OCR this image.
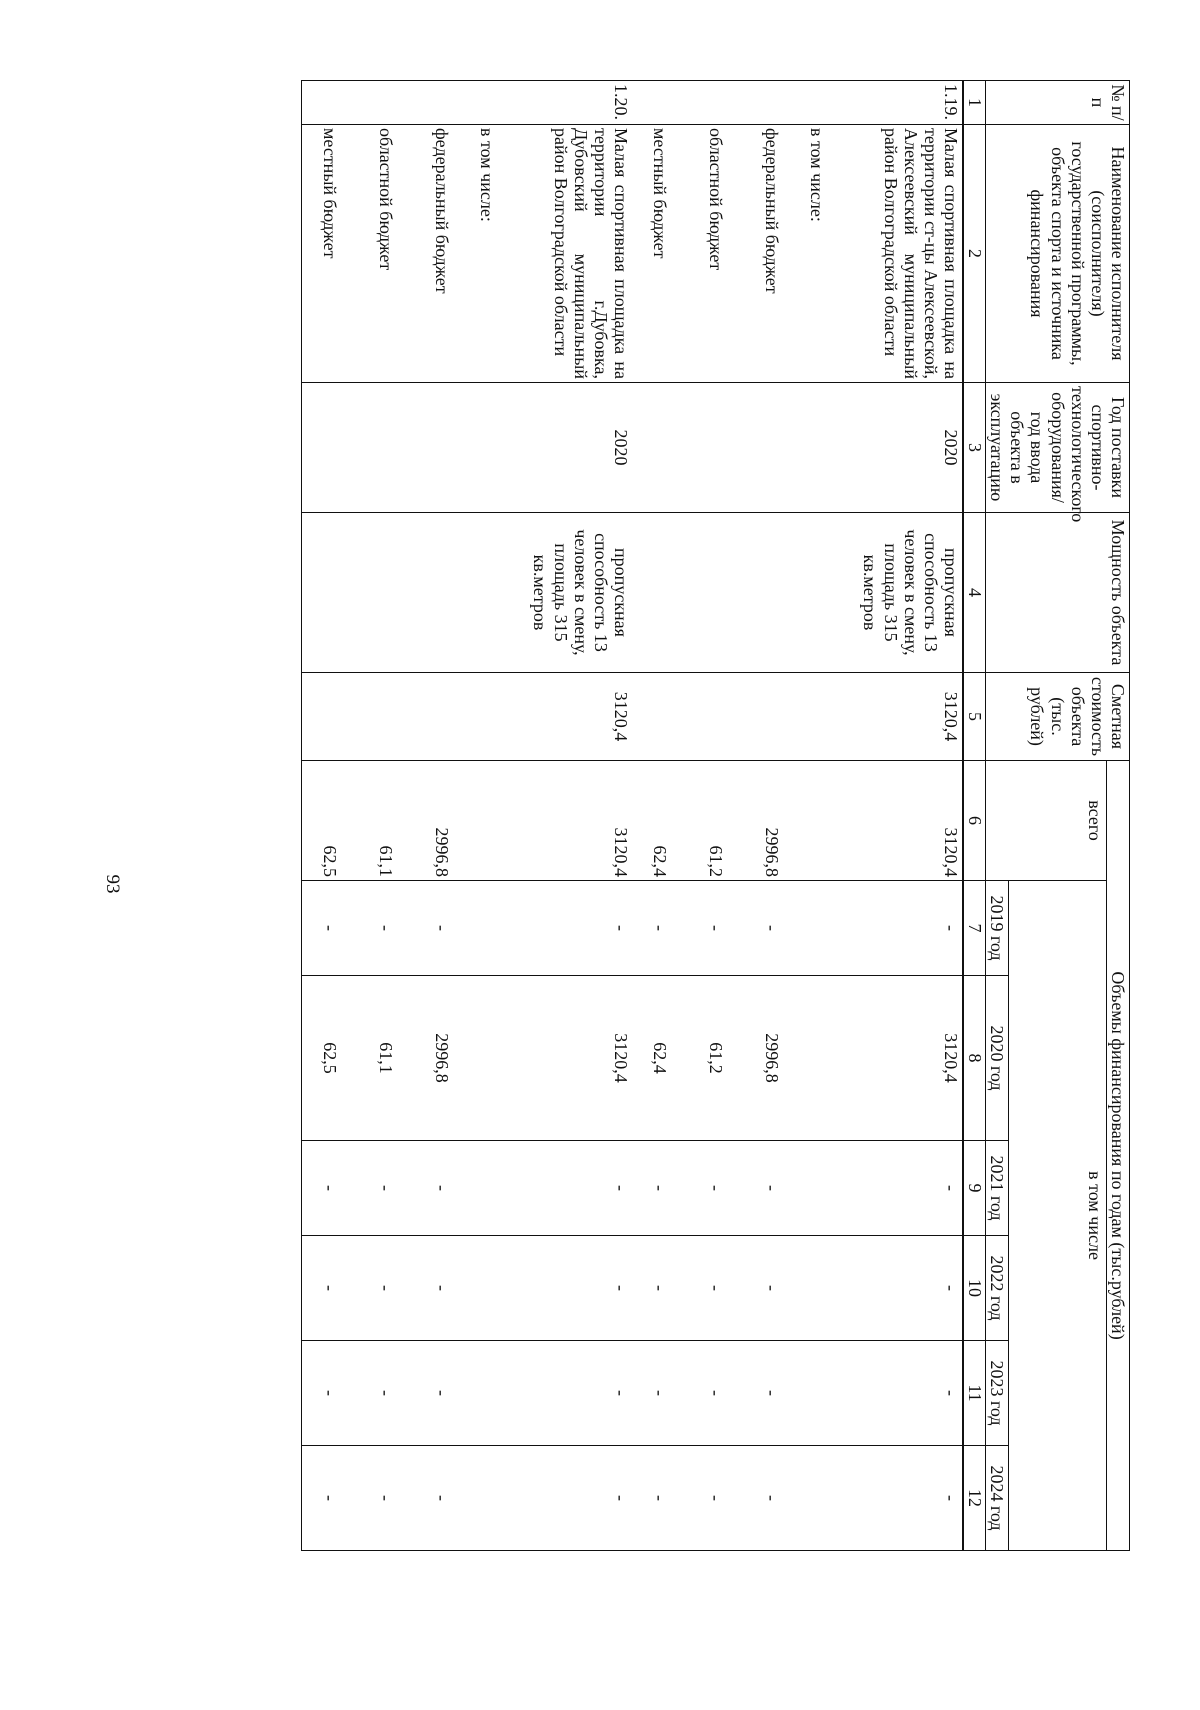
93
№ п/п	Наименование исполнителя (соисполнителя) государственной программы, объекта спорта и источника финансирования	Год поставки спортивно-технологического оборудования/ год ввода объекта в эксплуатацию	Мощность объекта	Сметная стоимость объекта (тыс. рублей)	Объемы финансирования по годам (тыс.рублей)						
					всего	в том числе					
						2019 год	2020 год	2021 год	2022 год	2023 год	2024 год
1	2	3	4	5	6	7	8	9	10	11	12
1.19.	Малая спортивная площадка на территории ст-цы Алексеевской, Алексеевский муниципальный район Волгоградской области	2020	пропускная способность 13 человек в смену, площадь 315 кв.метров	3120,4	3120,4	-	3120,4	-	-	-	-
	в том числе:										
	федеральный бюджет				2996,8	-	2996,8	-	-	-	-
	областной бюджет				61,2	-	61,2	-	-	-	-
	местный бюджет				62,4	-	62,4	-	-	-	-
1.20.	Малая спортивная площадка на территории г.Дубовка, Дубовский муниципальный район Волгоградской области	2020	пропускная способность 13 человек в смену, площадь 315 кв.метров	3120,4	3120,4	-	3120,4	-	-	-	-
	в том числе:										
	федеральный бюджет				2996,8	-	2996,8	-	-	-	-
	областной бюджет				61,1	-	61,1	-	-	-	-
	местный бюджет				62,5	-	62,5	-	-	-	-
